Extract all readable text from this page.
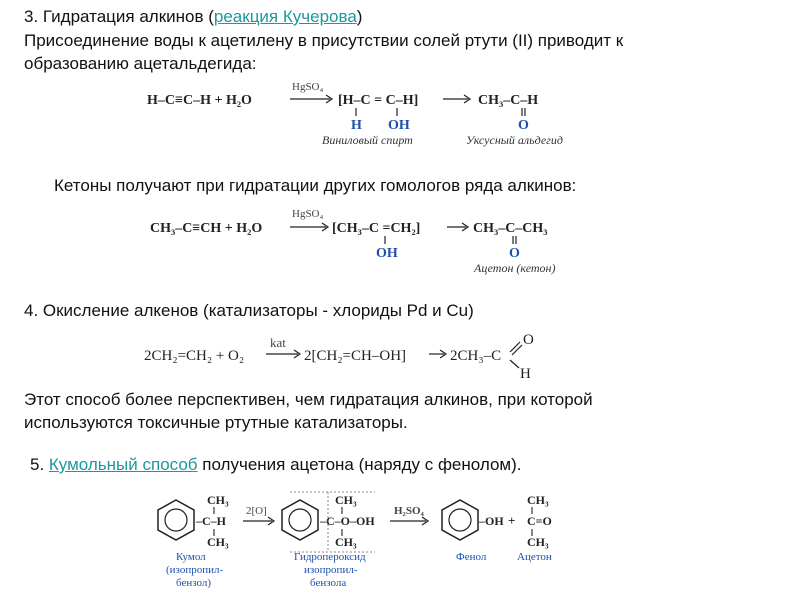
3. Гидратация алкинов (реакция Кучерова)
Присоединение воды к ацетилену в присутствии солей ртути (II) приводит к
образованию ацетальдегида:
H–C≡C–H + H₂O
HgSO₄
[H–C = C–H]
H OH
CH₃–C–H
O
Виниловый спирт	Уксусный альдегид
Кетоны получают при гидратации других гомологов ряда алкинов:
CH₃–C≡CH + H₂O
HgSO₄
[CH₃–C =CH₂]
OH
CH₃–C–CH₃
O
Ацетон (кетон)
4. Окисление алкенов (катализаторы - хлориды Pd и Cu)
2CH₂=CH₂ + O₂
kat
2[CH₂=CH–OH]	2CH₃–C
O
H
Этот способ более перспективен, чем гидратация алкинов, при которой
используются токсичные ртутные катализаторы.
5. Кумольный способ получения ацетона (наряду с фенолом).
CH₃
–C–H
CH₃
2[O]
CH₃
–C–O–OH
CH₃
H₂SO₄
–OH +
CH₃
C=O
CH₃
Кумол
(изопропил-
бензол)
Гидропероксид
изопропил-
бензола
Фенол	Ацетон
